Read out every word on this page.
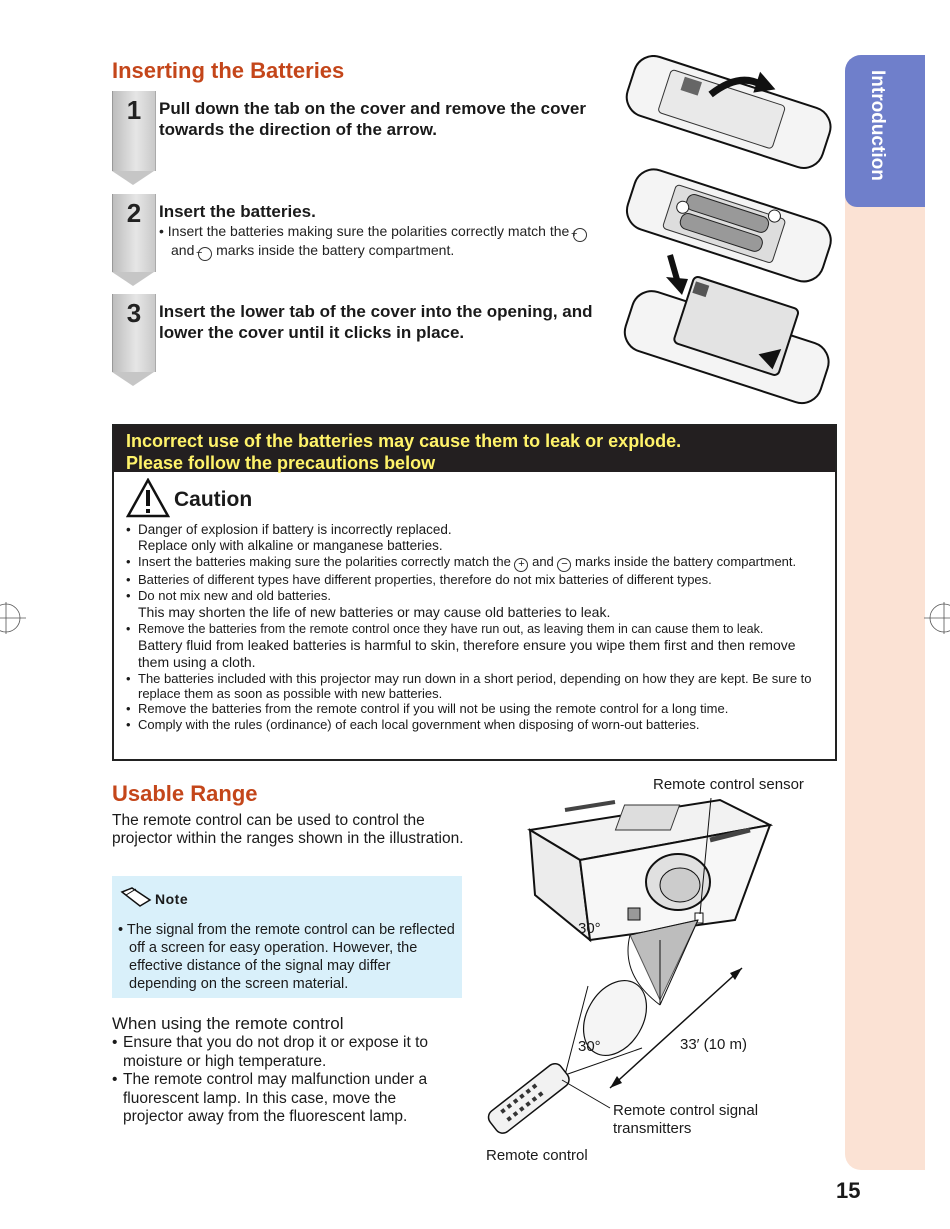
Introduction
Inserting the Batteries
1	Pull down the tab on the cover and remove the cover towards the direction of the arrow.
2	Insert the batteries.
• Insert the batteries making sure the polarities correctly match the + and − marks inside the battery compartment.
3	Insert the lower tab of the cover into the opening, and lower the cover until it clicks in place.
Incorrect use of the batteries may cause them to leak or explode.
Please follow the precautions below
Caution
• Danger of explosion if battery is incorrectly replaced.
Replace only with alkaline or manganese batteries.
• Insert the batteries making sure the polarities correctly match the + and − marks inside the battery compartment.
• Batteries of different types have different properties, therefore do not mix batteries of different types.
• Do not mix new and old batteries.
This may shorten the life of new batteries or may cause old batteries to leak.
• Remove the batteries from the remote control once they have run out, as leaving them in can cause them to leak.
Battery fluid from leaked batteries is harmful to skin, therefore ensure you wipe them first and then remove them using a cloth.
• The batteries included with this projector may run down in a short period, depending on how they are kept. Be sure to replace them as soon as possible with new batteries.
• Remove the batteries from the remote control if you will not be using the remote control for a long time.
• Comply with the rules (ordinance) of each local government when disposing of worn-out batteries.
Usable Range
The remote control can be used to control the projector within the ranges shown in the illustration.
Note
• The signal from the remote control can be reflected off a screen for easy operation. However, the effective distance of the signal may differ depending on the screen material.
When using the remote control
• Ensure that you do not drop it or expose it to moisture or high temperature.
• The remote control may malfunction under a fluorescent lamp. In this case, move the projector away from the fluorescent lamp.
Remote control sensor
30°
30°	33′ (10 m)
Remote control signal
transmitters
Remote control
15
